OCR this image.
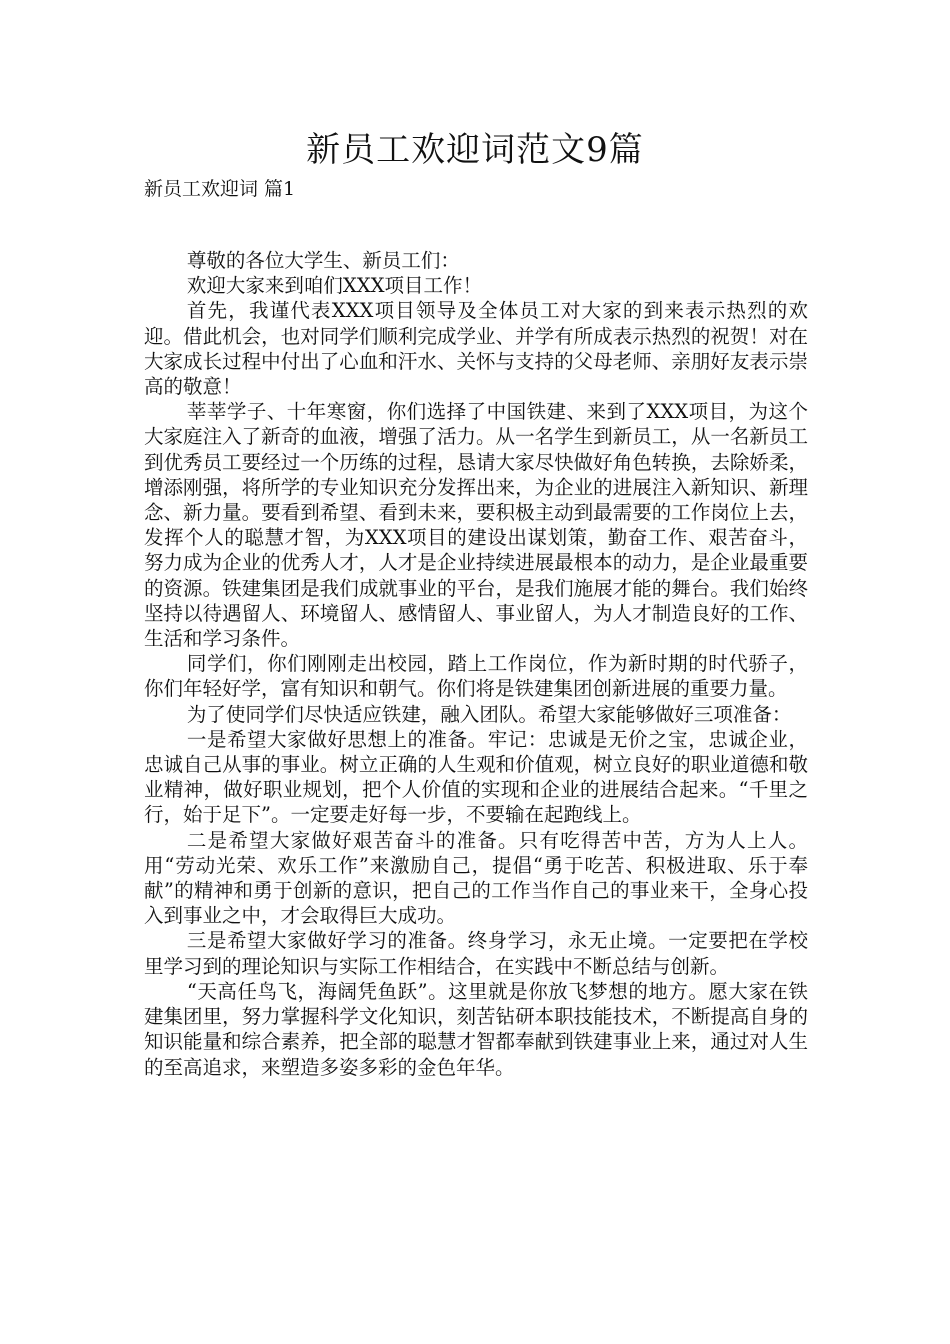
新员工欢迎词范文9篇
新员工欢迎词 篇1

尊敬的各位大学生、新员工们：

欢迎大家来到咱们XXX项目工作！

首先，我谨代表XXX项目领导及全体员工对大家的到来表示热烈的欢迎。借此机会，也对同学们顺利完成学业、并学有所成表示热烈的祝贺！对在大家成长过程中付出了心血和汗水、关怀与支持的父母老师、亲朋好友表示崇高的敬意！

莘莘学子、十年寒窗，你们选择了中国铁建、来到了XXX项目，为这个大家庭注入了新奇的血液，增强了活力。从一名学生到新员工，从一名新员工到优秀员工要经过一个历练的过程，恳请大家尽快做好角色转换，去除娇柔，增添刚强，将所学的专业知识充分发挥出来，为企业的进展注入新知识、新理念、新力量。要看到希望、看到未来，要积极主动到最需要的工作岗位上去，发挥个人的聪慧才智，为XXX项目的建设出谋划策，勤奋工作、艰苦奋斗，努力成为企业的优秀人才，人才是企业持续进展最根本的动力，是企业最重要的资源。铁建集团是我们成就事业的平台，是我们施展才能的舞台。我们始终坚持以待遇留人、环境留人、感情留人、事业留人，为人才制造良好的工作、生活和学习条件。

同学们，你们刚刚走出校园，踏上工作岗位，作为新时期的时代骄子，你们年轻好学，富有知识和朝气。你们将是铁建集团创新进展的重要力量。

为了使同学们尽快适应铁建，融入团队。希望大家能够做好三项准备：

一是希望大家做好思想上的准备。牢记：忠诚是无价之宝，忠诚企业，忠诚自己从事的事业。树立正确的人生观和价值观，树立良好的职业道德和敬业精神，做好职业规划，把个人价值的实现和企业的进展结合起来。“千里之行，始于足下”。一定要走好每一步，不要输在起跑线上。

二是希望大家做好艰苦奋斗的准备。只有吃得苦中苦，方为人上人。用“劳动光荣、欢乐工作”来激励自己，提倡“勇于吃苦、积极进取、乐于奉献”的精神和勇于创新的意识，把自己的工作当作自己的事业来干，全身心投入到事业之中，才会取得巨大成功。

三是希望大家做好学习的准备。终身学习，永无止境。一定要把在学校里学习到的理论知识与实际工作相结合，在实践中不断总结与创新。

“天高任鸟飞，海阔凭鱼跃”。这里就是你放飞梦想的地方。愿大家在铁建集团里，努力掌握科学文化知识，刻苦钻研本职技能技术，不断提高自身的知识能量和综合素养，把全部的聪慧才智都奉献到铁建事业上来，通过对人生的至高追求，来塑造多姿多彩的金色年华。
